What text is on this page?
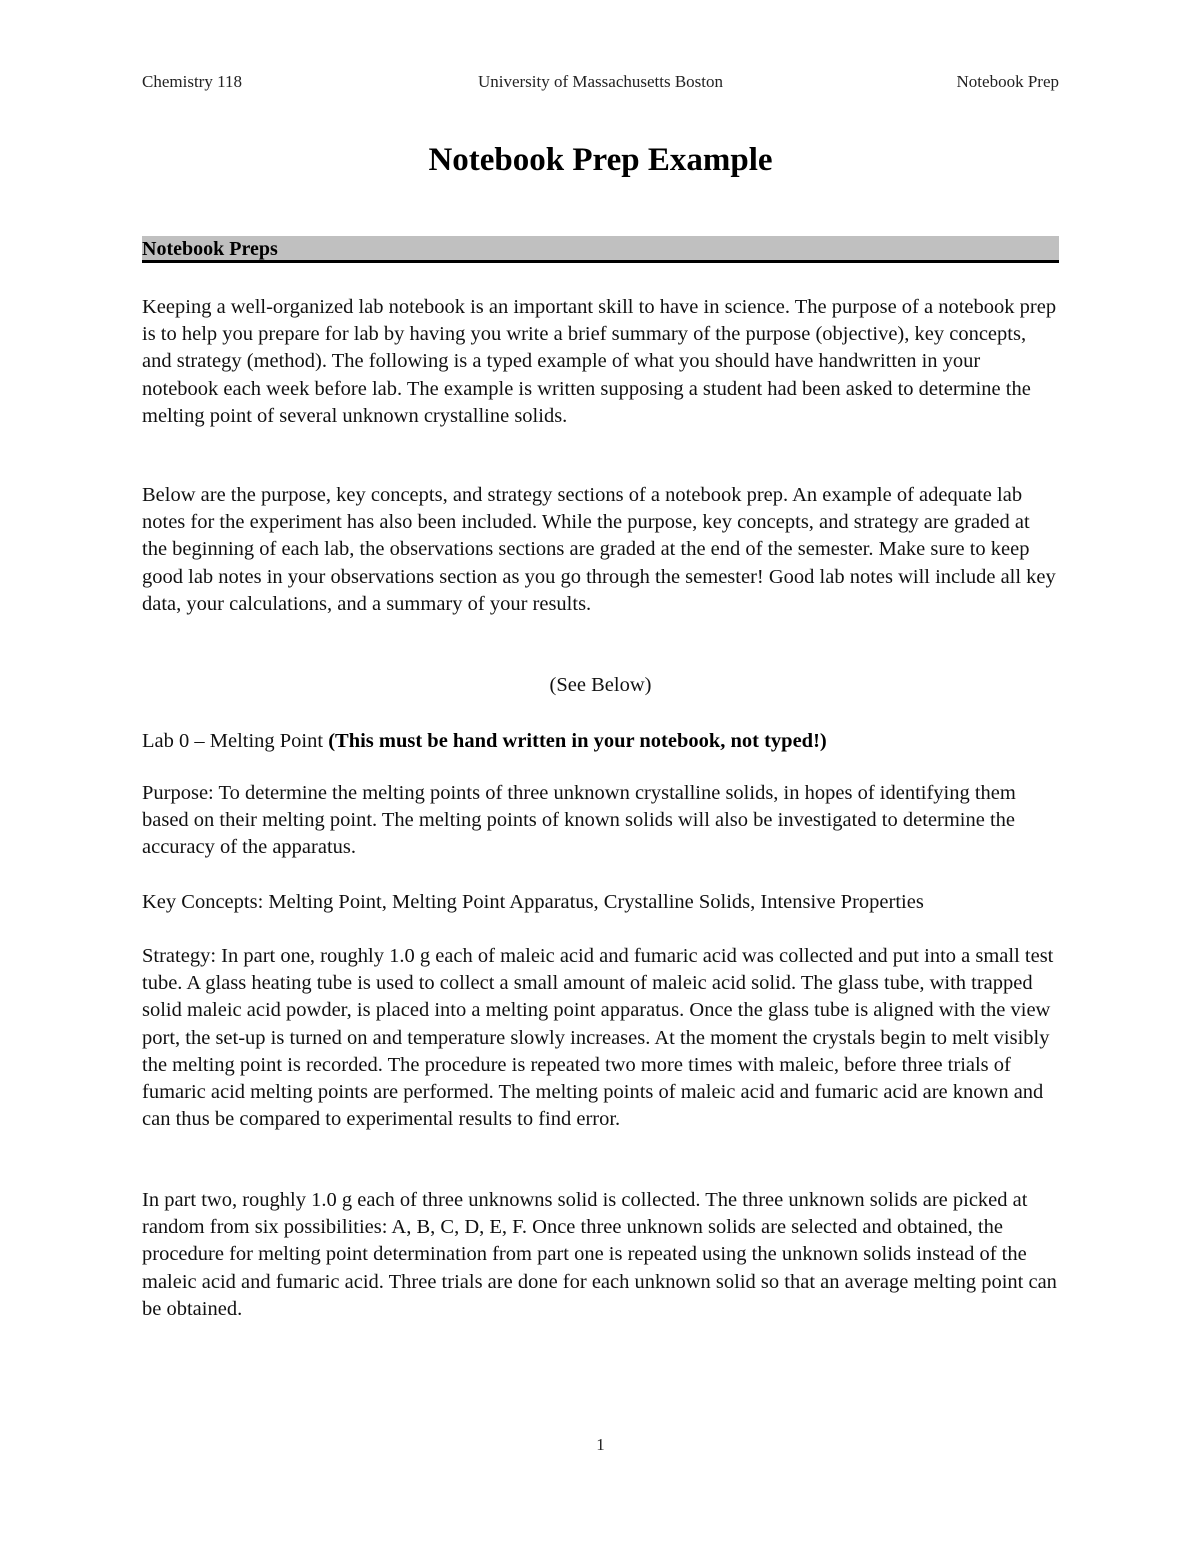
Chemistry 118	University of Massachusetts Boston	Notebook Prep
Notebook Prep Example
Notebook Preps

Keeping a well-organized lab notebook is an important skill to have in science. The purpose of a notebook prep is to help you prepare for lab by having you write a brief summary of the purpose (objective), key concepts, and strategy (method). The following is a typed example of what you should have handwritten in your notebook each week before lab. The example is written supposing a student had been asked to determine the melting point of several unknown crystalline solids.

Below are the purpose, key concepts, and strategy sections of a notebook prep. An example of adequate lab notes for the experiment has also been included. While the purpose, key concepts, and strategy are graded at the beginning of each lab, the observations sections are graded at the end of the semester. Make sure to keep good lab notes in your observations section as you go through the semester! Good lab notes will include all key data, your calculations, and a summary of your results.

(See Below)

Lab 0 – Melting Point (This must be hand written in your notebook, not typed!)

Purpose: To determine the melting points of three unknown crystalline solids, in hopes of identifying them based on their melting point. The melting points of known solids will also be investigated to determine the accuracy of the apparatus.

Key Concepts: Melting Point, Melting Point Apparatus, Crystalline Solids, Intensive Properties

Strategy: In part one, roughly 1.0 g each of maleic acid and fumaric acid was collected and put into a small test tube. A glass heating tube is used to collect a small amount of maleic acid solid. The glass tube, with trapped solid maleic acid powder, is placed into a melting point apparatus. Once the glass tube is aligned with the view port, the set-up is turned on and temperature slowly increases. At the moment the crystals begin to melt visibly the melting point is recorded. The procedure is repeated two more times with maleic, before three trials of fumaric acid melting points are performed. The melting points of maleic acid and fumaric acid are known and can thus be compared to experimental results to find error.

In part two, roughly 1.0 g each of three unknowns solid is collected. The three unknown solids are picked at random from six possibilities: A, B, C, D, E, F. Once three unknown solids are selected and obtained, the procedure for melting point determination from part one is repeated using the unknown solids instead of the maleic acid and fumaric acid. Three trials are done for each unknown solid so that an average melting point can be obtained.

1
